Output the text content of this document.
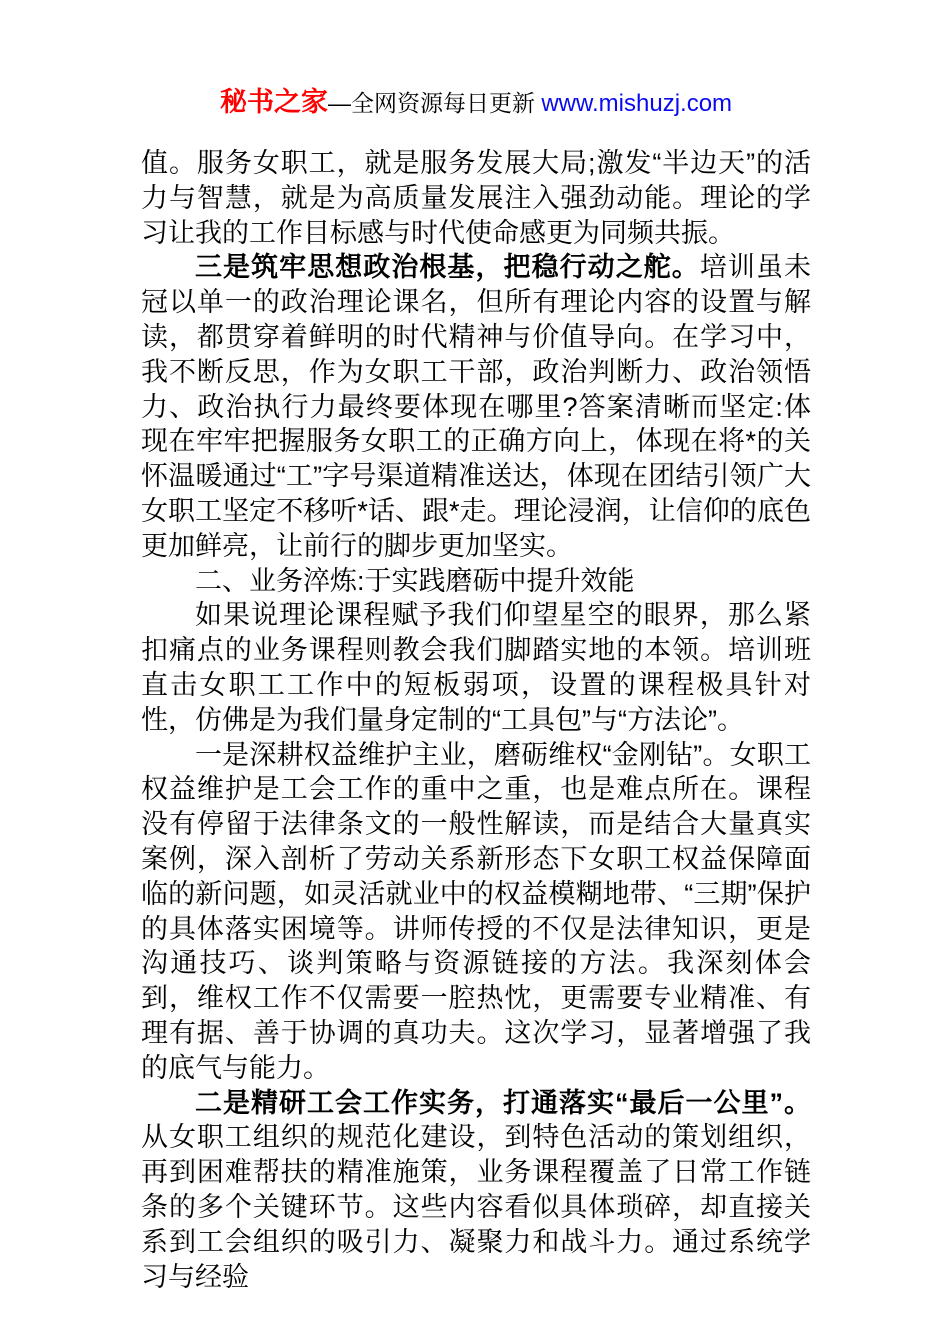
秘书之家—全网资源每日更新 www.mishuzj.com

值。服务女职工，就是服务发展大局;激发“半边天”的活力与智慧，就是为高质量发展注入强劲动能。理论的学习让我的工作目标感与时代使命感更为同频共振。

三是筑牢思想政治根基，把稳行动之舵。培训虽未冠以单一的政治理论课名，但所有理论内容的设置与解读，都贯穿着鲜明的时代精神与价值导向。在学习中，我不断反思，作为女职工干部，政治判断力、政治领悟力、政治执行力最终要体现在哪里?答案清晰而坚定:体现在牢牢把握服务女职工的正确方向上，体现在将*的关怀温暖通过“工”字号渠道精准送达，体现在团结引领广大女职工坚定不移听*话、跟*走。理论浸润，让信仰的底色更加鲜亮，让前行的脚步更加坚实。

二、业务淬炼:于实践磨砺中提升效能

如果说理论课程赋予我们仰望星空的眼界，那么紧扣痛点的业务课程则教会我们脚踏实地的本领。培训班直击女职工工作中的短板弱项，设置的课程极具针对性，仿佛是为我们量身定制的“工具包”与“方法论”。

一是深耕权益维护主业，磨砺维权“金刚钻”。女职工权益维护是工会工作的重中之重，也是难点所在。课程没有停留于法律条文的一般性解读，而是结合大量真实案例，深入剖析了劳动关系新形态下女职工权益保障面临的新问题，如灵活就业中的权益模糊地带、“三期”保护的具体落实困境等。讲师传授的不仅是法律知识，更是沟通技巧、谈判策略与资源链接的方法。我深刻体会到，维权工作不仅需要一腔热忱，更需要专业精准、有理有据、善于协调的真功夫。这次学习，显著增强了我的底气与能力。

二是精研工会工作实务，打通落实“最后一公里”。从女职工组织的规范化建设，到特色活动的策划组织，再到困难帮扶的精准施策，业务课程覆盖了日常工作链条的多个关键环节。这些内容看似具体琐碎，却直接关系到工会组织的吸引力、凝聚力和战斗力。通过系统学习与经验
